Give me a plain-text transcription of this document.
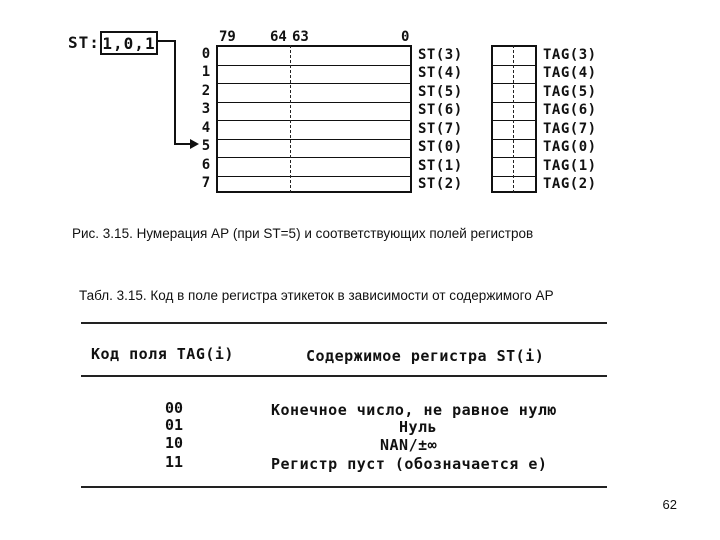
ST: 1,0,1	79 64 63	0
0
1
2
3
4
5
6
7
ST(3)
ST(4)
ST(5)
ST(6)
ST(7)
ST(0)
ST(1)
ST(2)
TAG(3)
TAG(4)
TAG(5)
TAG(6)
TAG(7)
TAG(0)
TAG(1)
TAG(2)
Рис. 3.15. Нумерация АР (при ST=5) и соответствующих полей регистров
Табл. 3.15. Код в поле регистра этикеток в зависимости от содержимого АР
Код поля TAG(i)	Содержимое регистра ST(i)
00	Конечное число, не равное нулю
01	Нуль
10	NAN/±∞
11	Регистр пуст (обозначается е)
62
